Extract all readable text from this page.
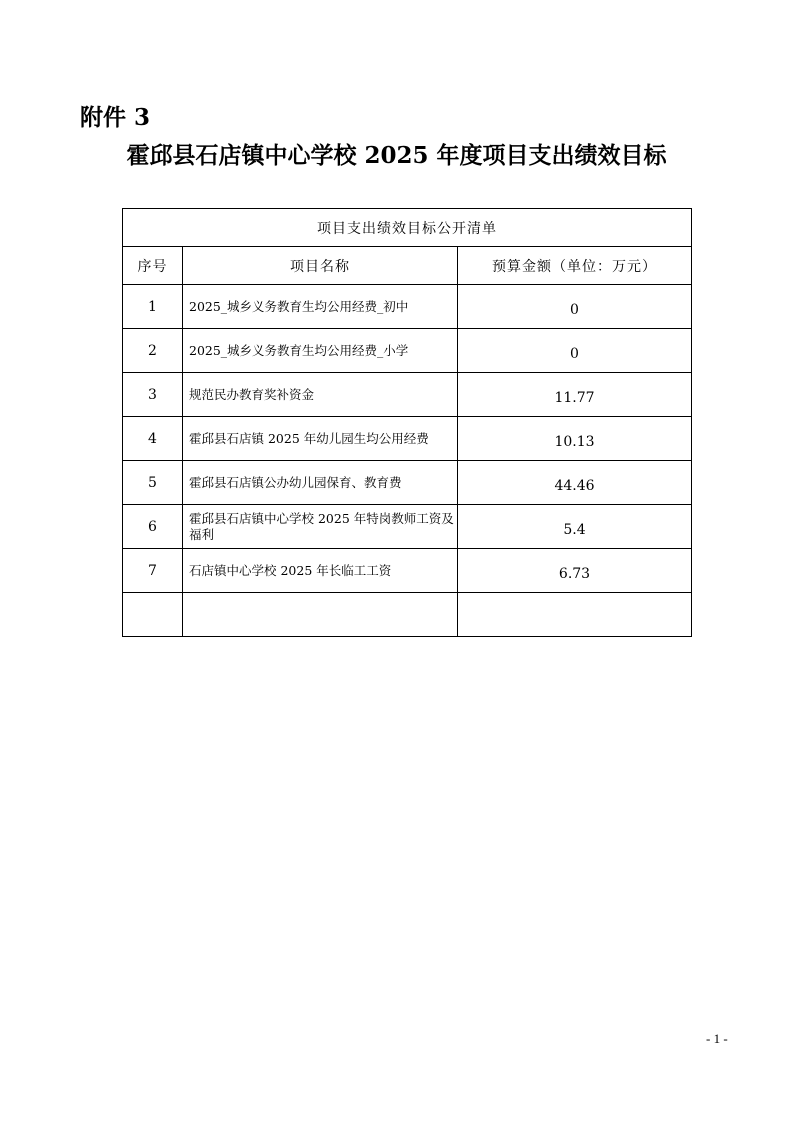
附件 3
霍邱县石店镇中心学校 2025 年度项目支出绩效目标
项目支出绩效目标公开清单		
序号	项目名称	预算金额（单位：万元）
1	2025_城乡义务教育生均公用经费_初中	0
2	2025_城乡义务教育生均公用经费_小学	0
3	规范民办教育奖补资金	11.77
4	霍邱县石店镇 2025 年幼儿园生均公用经费	10.13
5	霍邱县石店镇公办幼儿园保育、教育费	44.46
6	霍邱县石店镇中心学校 2025 年特岗教师工资及福利	5.4
7	石店镇中心学校 2025 年长临工工资	6.73

- 1 -
